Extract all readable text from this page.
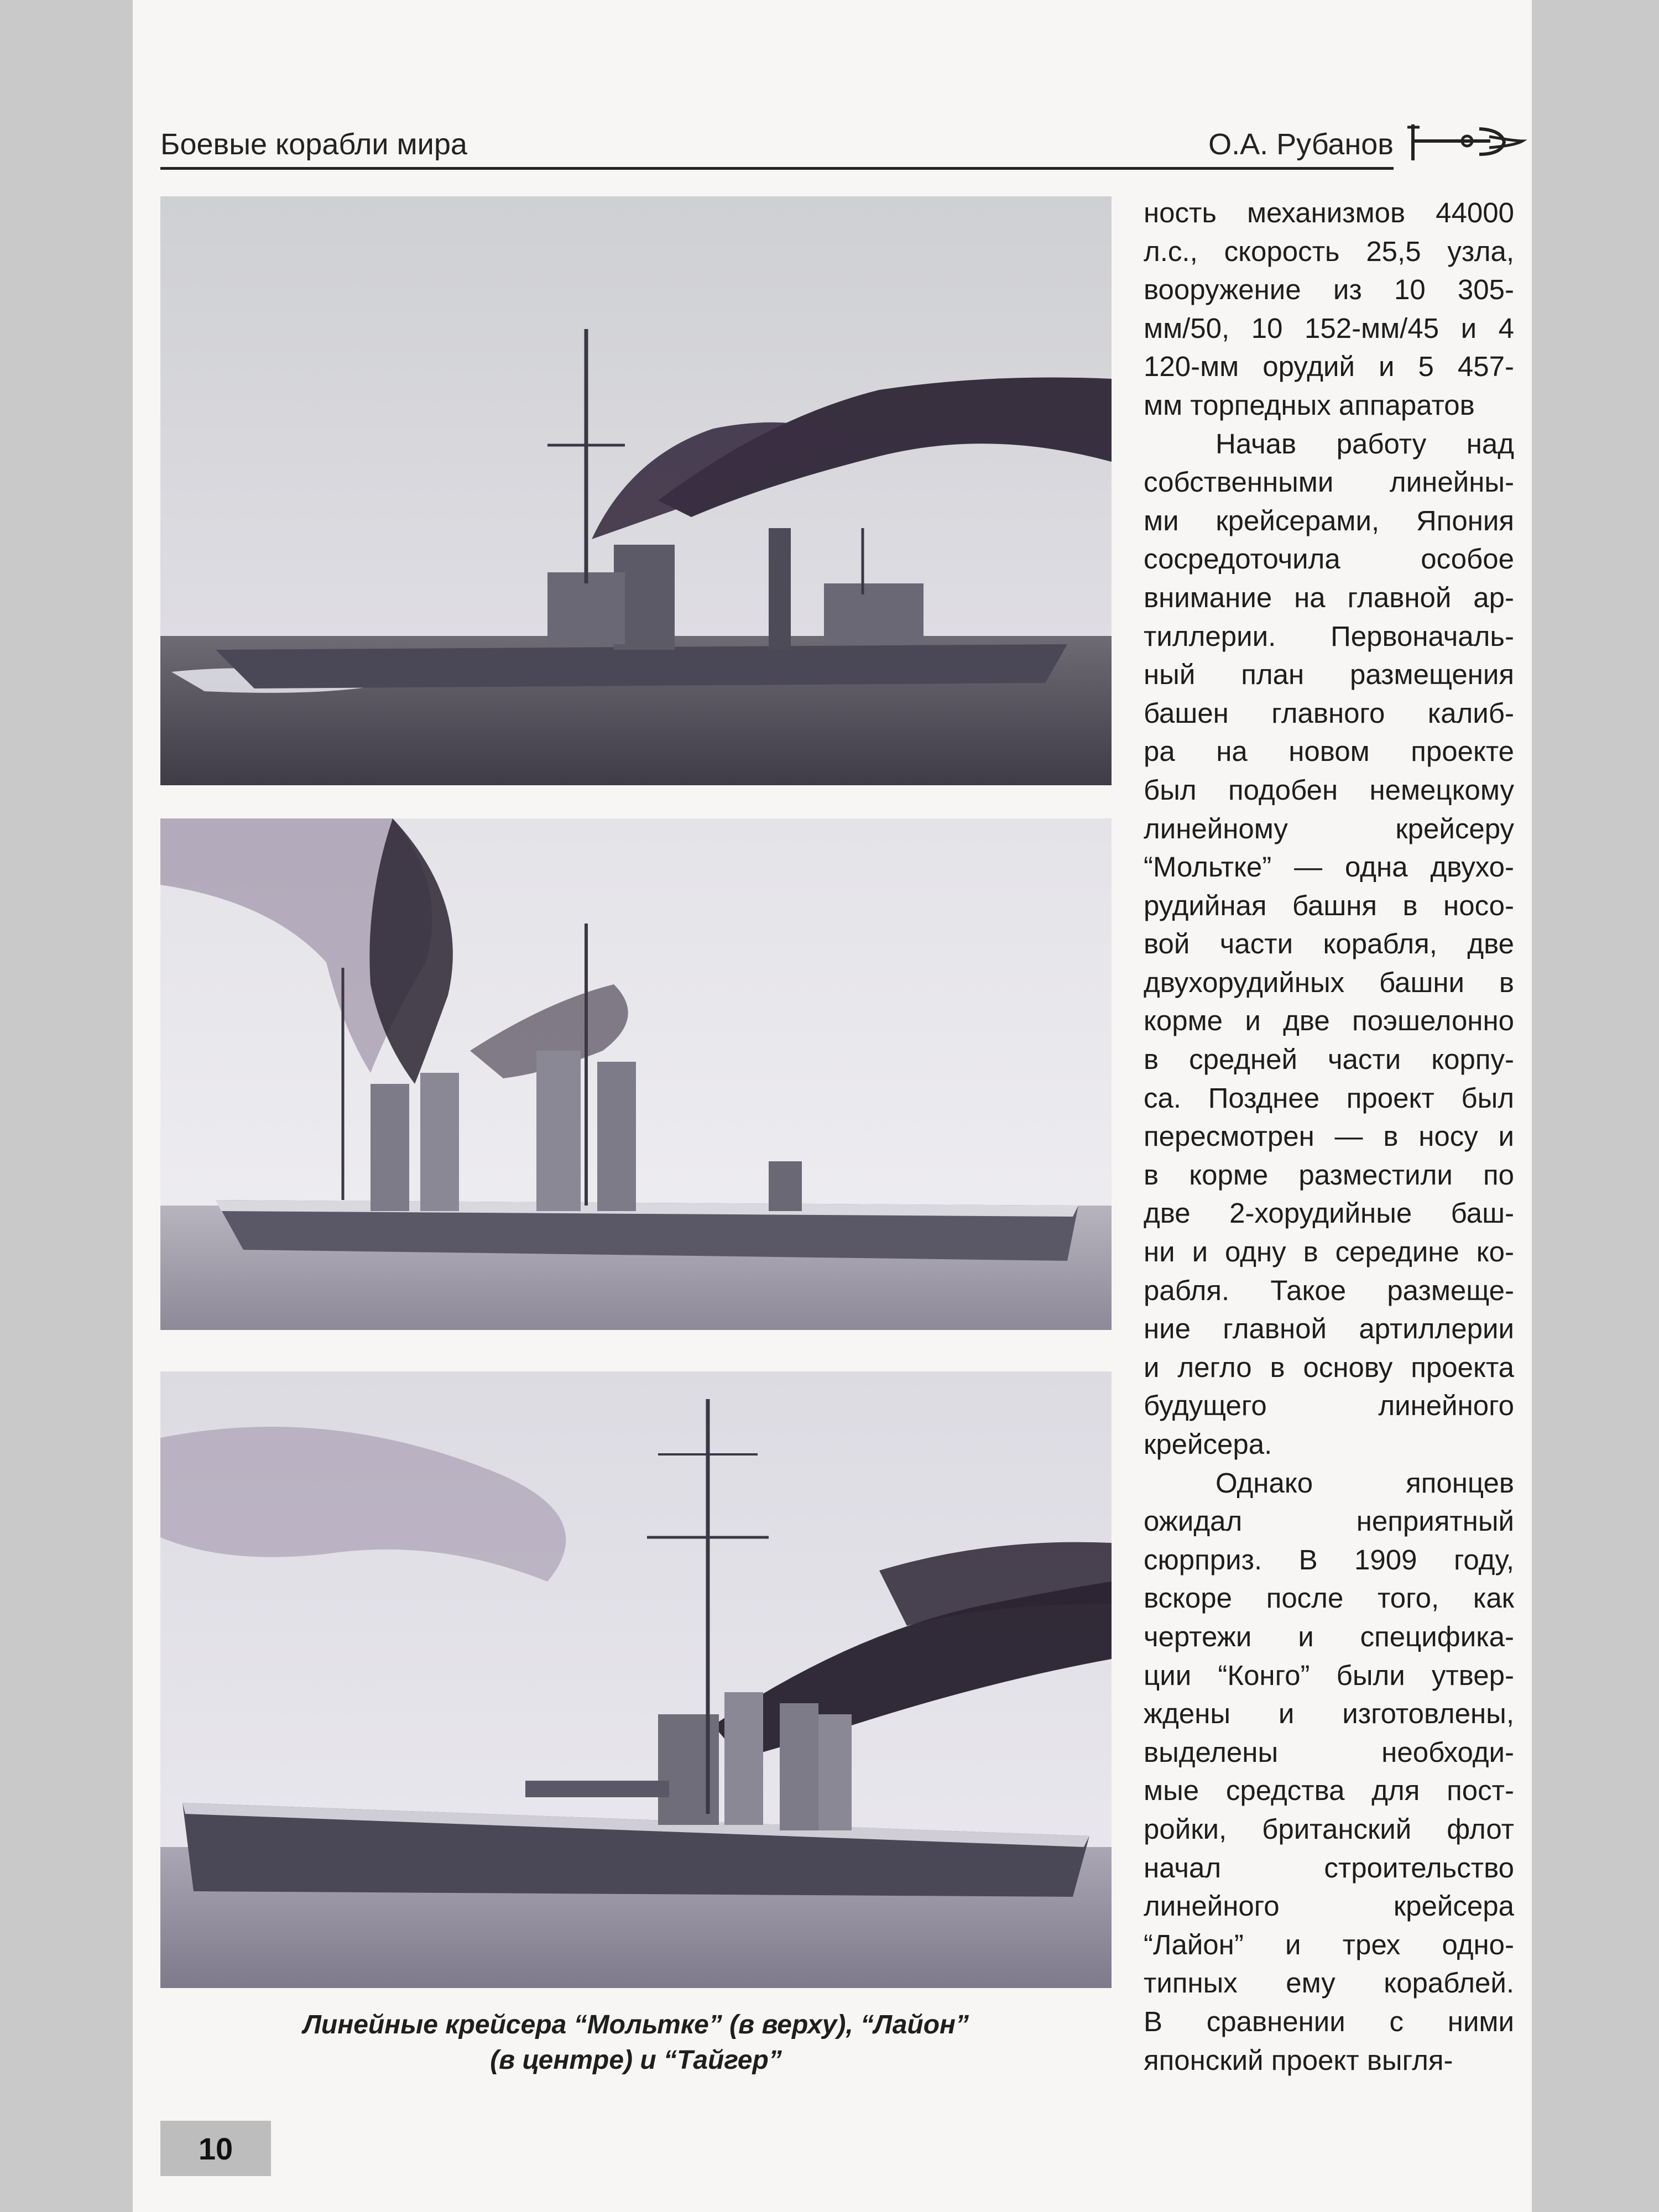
Боевые корабли мира	О.А. Рубанов
Линейные крейсера “Мольтке” (в верху), “Лайон”
(в центре) и “Тайгер”

ность механизмов 44000

л.с., скорость 25,5 узла,

вооружение из 10 305-

мм/50, 10 152-мм/45 и 4

120-мм орудий и 5 457-

мм торпедных аппаратов

Начав работу над

собственными линейны-

ми крейсерами, Япония

сосредоточила особое

внимание на главной ар-

тиллерии. Первоначаль-

ный план размещения

башен главного калиб-

ра на новом проекте

был подобен немецкому

линейному крейсеру

“Мольтке” — одна двухо-

рудийная башня в носо-

вой части корабля, две

двухорудийных башни в

корме и две поэшелонно

в средней части корпу-

са. Позднее проект был

пересмотрен — в носу и

в корме разместили по

две 2-хорудийные баш-

ни и одну в середине ко-

рабля. Такое размеще-

ние главной артиллерии

и легло в основу проекта

будущего линейного

крейсера.

Однако японцев

ожидал неприятный

сюрприз. В 1909 году,

вскоре после того, как

чертежи и специфика-

ции “Конго” были утвер-

ждены и изготовлены,

выделены необходи-

мые средства для пост-

ройки, британский флот

начал строительство

линейного крейсера

“Лайон” и трех одно-

типных ему кораблей.

В сравнении с ними

японский проект выгля-

10
